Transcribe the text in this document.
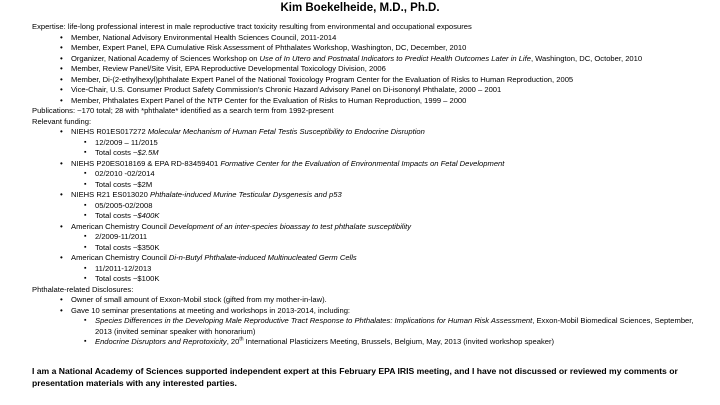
Kim Boekelheide, M.D., Ph.D.
Expertise: life-long professional interest in male reproductive tract toxicity resulting from environmental and occupational exposures
• Member, National Advisory Environmental Health Sciences Council, 2011-2014
• Member, Expert Panel, EPA Cumulative Risk Assessment of Phthalates Workshop, Washington, DC, December, 2010
• Organizer, National Academy of Sciences Workshop on Use of In Utero and Postnatal Indicators to Predict Health Outcomes Later in Life, Washington, DC, October, 2010
• Member, Review Panel/Site Visit, EPA Reproductive Developmental Toxicology Division, 2006
• Member, Di-(2-ethylhexyl)phthalate Expert Panel of the National Toxicology Program Center for the Evaluation of Risks to Human Reproduction, 2005
• Vice-Chair, U.S. Consumer Product Safety Commission’s Chronic Hazard Advisory Panel on Di-isononyl Phthalate, 2000 – 2001
• Member, Phthalates Expert Panel of the NTP Center for the Evaluation of Risks to Human Reproduction, 1999 – 2000
Publications: ~170 total; 28 with *phthalate* identified as a search term from 1992-present
Relevant funding:
• NIEHS R01ES017272 Molecular Mechanism of Human Fetal Testis Susceptibility to Endocrine Disruption
▪ 12/2009 – 11/2015
▪ Total costs ~$2.5M
• NIEHS P20ES018169 & EPA RD-83459401 Formative Center for the Evaluation of Environmental Impacts on Fetal Development
▪ 02/2010 -02/2014
▪ Total costs ~$2M
• NIEHS R21 ES013020 Phthalate-induced Murine Testicular Dysgenesis and p53
▪ 05/2005-02/2008
▪ Total costs ~$400K
• American Chemistry Council Development of an inter-species bioassay to test phthalate susceptibility
▪ 2/2009-11/2011
▪ Total costs ~$350K
• American Chemistry Council Di-n-Butyl Phthalate-induced Multinucleated Germ Cells
▪ 11/2011-12/2013
▪ Total costs ~$100K
Phthalate-related Disclosures:
• Owner of small amount of Exxon-Mobil stock (gifted from my mother-in-law).
• Gave 10 seminar presentations at meeting and workshops in 2013-2014, including:
▪ Species Differences in the Developing Male Reproductive Tract Response to Phthalates: Implications for Human Risk Assessment, Exxon-Mobil Biomedical Sciences, September, 2013 (invited seminar speaker with honorarium)
▪ Endocrine Disruptors and Reprotoxicity, 20th International Plasticizers Meeting, Brussels, Belgium, May, 2013 (invited workshop speaker)
I am a National Academy of Sciences supported independent expert at this February EPA IRIS meeting, and I have not discussed or reviewed my comments or presentation materials with any interested parties.
